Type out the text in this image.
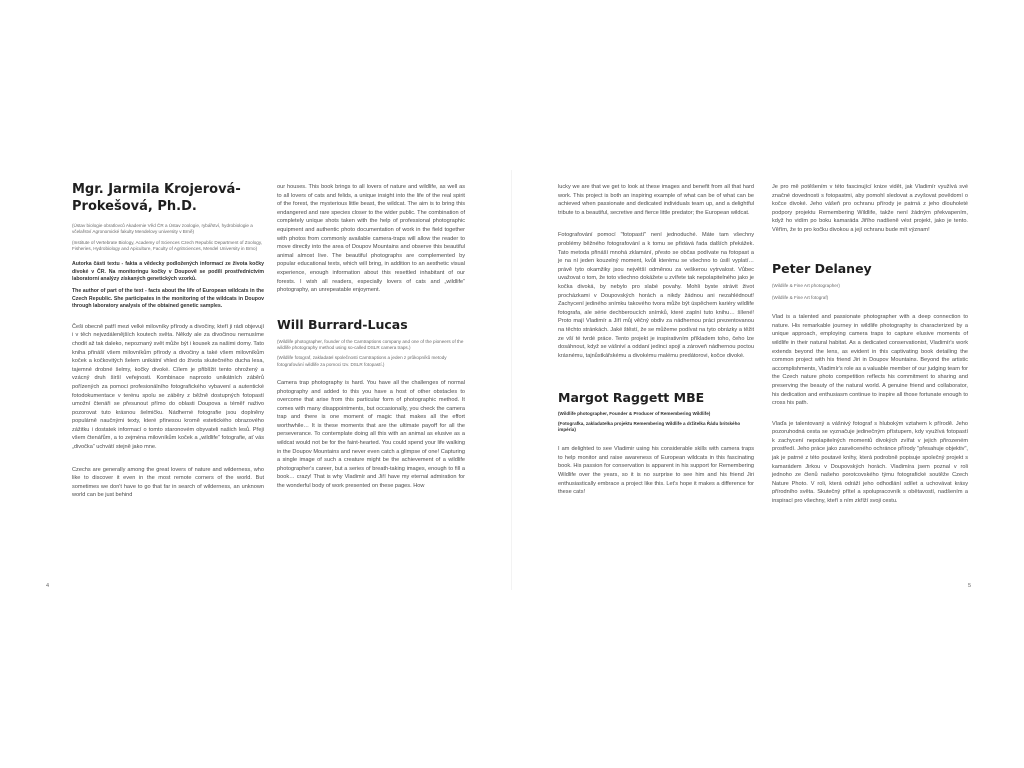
Mgr. Jarmila Krojerová-Prokešová, Ph.D.

(Ústav biologie obratlovců Akademie Věd ČR a Ústav zoologie, rybářství, hydrobiologie a včelařství Agronomické fakulty Mendelovy university v Brně)

(Institute of Vertebrate Biology, Academy of Sciences Czech Republic Department of Zoology, Fisheries, Hydrobiology and Apiculture, Faculty of AgriSciences, Mendel University in Brno)

Autorka části textu - fakta a vědecky podložených informací ze života kočky divoké v ČR. Na monitoringu kočky v Doupově se podílí prostřednictvím laboratorní analýzy získaných genetických vzorků.

The author of part of the text - facts about the life of European wildcats in the Czech Republic. She participates in the monitoring of the wildcats in Doupov through laboratory analysis of the obtained genetic samples.

Češi obecně patří mezi velké milovníky přírody a divočiny, kteří ji rádi objevují i v těch nejvzdálenějších koutech světa. Někdy ale za divočinou nemusíme chodit až tak daleko, nepoznaný svět může být i kousek za našimi domy. Tato kniha přináší všem milovníkům přírody a divočiny a také všem milovníkům koček a kočkovitých šelem unikátní vhled do života skutečného ducha lesa, tajemné drobné šelmy, kočky divoké. Cílem je přiblížit tento ohrožený a vzácný druh širší veřejnosti. Kombinace naprosto unikátních záběrů pořízených za pomoci profesionálního fotografického vybavení a autentické fotodokumentace v terénu spolu se záběry z běžně dostupných fotopastí umožní čtenáři se přesunout přímo do oblasti Doupova a téměř naživo pozorovat tuto krásnou šelmičku. Nádherné fotografie jsou doplněny populárně naučnými texty, které přinesou kromě estetického obrazového zážitku i dostatek informací o tomto staronovém obyvateli našich lesů. Přeji všem čtenářům, a to zejména milovníkům koček a „wildlife“ fotografie, ať vás „divočka“ uchvátí stejně jako mne.

Czechs are generally among the great lovers of nature and wilderness, who like to discover it even in the most remote corners of the world. But sometimes we don't have to go that far in search of wilderness, an unknown world can be just behind

our houses. This book brings to all lovers of nature and wildlife, as well as to all lovers of cats and felids, a unique insight into the life of the real spirit of the forest, the mysterious little beast, the wildcat. The aim is to bring this endangered and rare species closer to the wider public. The combination of completely unique shots taken with the help of professional photographic equipment and authentic photo documentation of work in the field together with photos from commonly available camera-traps will allow the reader to move directly into the area of Doupov Mountains and observe this beautiful animal almost live. The beautiful photographs are complemented by popular educational texts, which will bring, in addition to an aesthetic visual experience, enough information about this resettled inhabitant of our forests. I wish all readers, especially lovers of cats and „wildlife“ photography, an unrepeatable enjoyment.

Will Burrard-Lucas

(Wildlife photographer, founder of the Camtraptions company and one of the pioneers of the wildlife photography method using so-called DSLR camera traps.)

(Wildlife fotograf, zakladatel společnosti Camtraptions a jeden z průkopníků metody fotografování wildlife za pomoci tzv. DSLR fotopastí.)

Camera trap photography is hard. You have all the challenges of normal photography and added to this you have a host of other obstacles to overcome that arise from this particular form of photographic method. It comes with many disappointments, but occasionally, you check the camera trap and there is one moment of magic that makes all the effort worthwhile… It is these moments that are the ultimate payoff for all the perseverance. To contemplate doing all this with an animal as elusive as a wildcat would not be for the faint-hearted. You could spend your life walking in the Doupov Mountains and never even catch a glimpse of one! Capturing a single image of such a creature might be the achievement of a wildlife photographer's career, but a series of breath-taking images, enough to fill a book… crazy! That is why Vladimír and Jiří have my eternal admiration for the wonderful body of work presented on these pages. How

lucky we are that we get to look at these images and benefit from all that hard work. This project is both an inspiring example of what can be of what can be achieved when passionate and dedicated individuals team up, and a delightful tribute to a beautiful, secretive and fierce little predator; the European wildcat.

Fotografování pomocí "fotopastí" není jednoduché. Máte tam všechny problémy běžného fotografování a k tomu se přidává řada dalších překážek. Tato metoda přináší mnohá zklamání, přesto se občas podívate na fotopast a je na ní jeden kouzelný moment, kvůli kterému se všechno to úsilí vyplatí… právě tyto okamžiky jsou největší odměnou za veškerou vytrvalost. Vůbec uvažovat o tom, že toto všechno dokážete u zvířete tak nepolapitelného jako je kočka divoká, by nebylo pro slabé povahy. Mohli byste strávit život procházkami v Doupovských horách a nikdy žádnou ani nezahlédnout! Zachycení jediného snímku takového tvora může být úspěchem kariéry wildlife fotografa, ale série dechberoucích snímků, které zaplní tuto knihu… šílené! Proto mají Vladimír a Jiří můj věčný obdiv za nádhernou práci prezentovanou na těchto stránkách. Jaké štěstí, že se můžeme podívat na tyto obrázky a těžit ze vší té tvrdé práce. Tento projekt je inspirativním příkladem toho, čeho lze dosáhnout, když se vášniví a oddaní jedinci spojí a zároveň nádhernou poctou krásnému, tajnůstkářskému a divokému malému predátorovi, kočce divoké.

Margot Raggett MBE

(Wildlife photographer, Founder & Producer of Remembering Wildlife)

(Fotografka, zakladatelka projektu Remembering Wildlife a držitelka Řádu britského impéria)

I am delighted to see Vladimir using his considerable skills with camera traps to help monitor and raise awareness of European wildcats in this fascinating book. His passion for conservation is apparent in his support for Remembering Wildlife over the years, so it is no surprise to see him and his friend Jiri enthusiastically embrace a project like this. Let's hope it makes a difference for these cats!

Je pro mě potěšením v této fascinující knize vidět, jak Vladimír využívá své značné dovednosti s fotopastmi, aby pomohl sledovat a zvyšovat povědomí o kočce divoké. Jeho vášeň pro ochranu přírody je patrná z jeho dlouholeté podpory projektu Remembering Wildlife, takže není žádným překvapením, když ho vidím po boku kamaráda Jiřího nadšeně vést projekt, jako je tento. Věřím, že to pro kočku divokou a její ochranu bude mít význam!

Peter Delaney

(Wildlife & Fine Art photographer)

(Wildlife & Fine Art fotograf)

Vlad is a talented and passionate photographer with a deep connection to nature. His remarkable journey in wildlife photography is characterized by a unique approach, employing camera traps to capture elusive moments of wildlife in their natural habitat. As a dedicated conservationist, Vladimír's work extends beyond the lens, as evident in this captivating book detailing the common project with his friend Jiri in Doupov Mountains. Beyond the artistic accomplishments, Vladimír's role as a valuable member of our judging team for the Czech nature photo competition reflects his commitment to sharing and preserving the beauty of the natural world. A genuine friend and collaborator, his dedication and enthusiasm continue to inspire all those fortunate enough to cross his path.

Vlaďa je talentovaný a vášnivý fotograf s hlubokým vztahem k přírodě. Jeho pozoruhodná cesta se vyznačuje jedinečným přístupem, kdy využívá fotopastí k zachycení nepolapitelných momentů divokých zvířat v jejich přirozeném prostředí. Jeho práce jako zasvěceného ochránce přírody "přesahuje objektiv", jak je patrné z této poutavé knihy, která podrobně popisuje společný projekt s kamarádem Jirkou v Doupovských horách. Vladimíra jsem poznal v roli jednoho ze členů našeho porotcovského týmu fotografické soutěže Czech Nature Photo. V roli, která odráží jeho odhodlání sdílet a uchovávat krásy přírodního světa. Skutečný přítel a spolupracovník s obětavostí, nadšením a inspirací pro všechny, kteří s ním zkříží svoji cestu.

4	5
